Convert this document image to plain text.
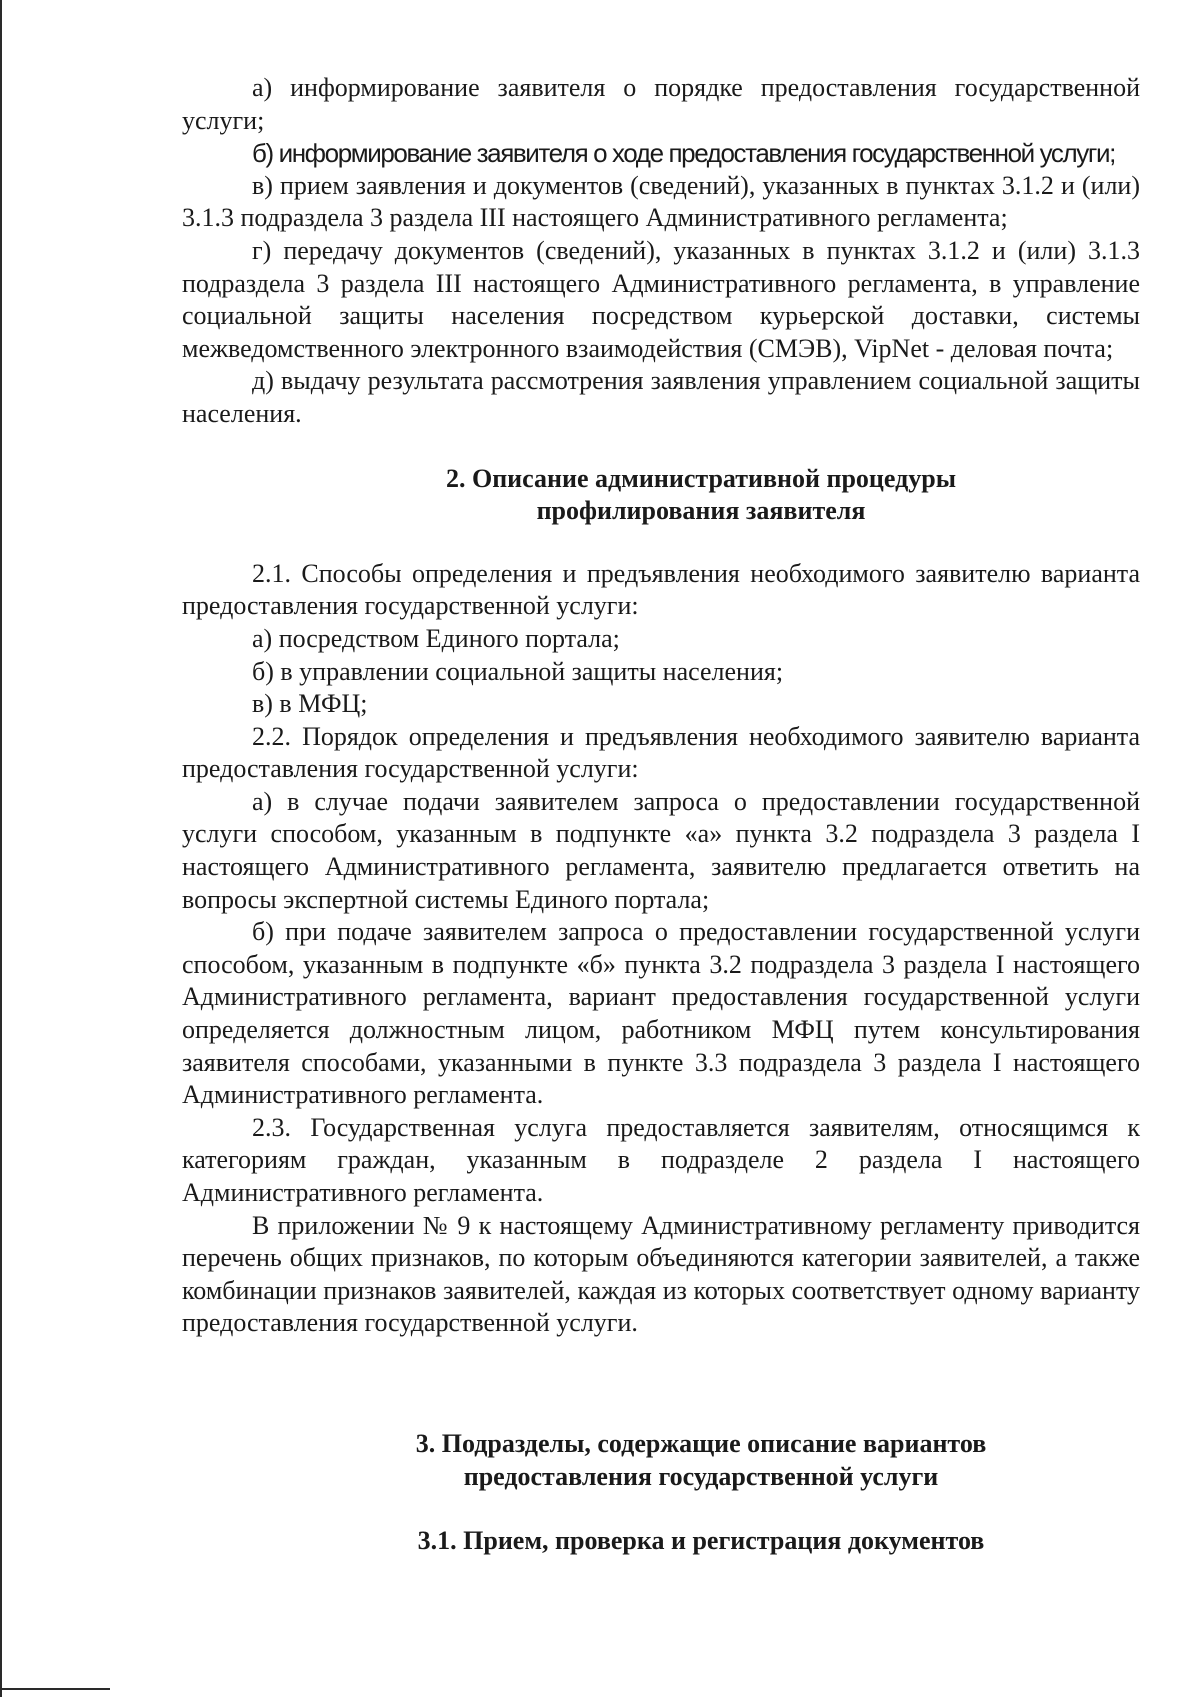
а) информирование заявителя о порядке предоставления государственной услуги;

б) информирование заявителя о ходе предоставления государственной услуги;

в) прием заявления и документов (сведений), указанных в пунктах 3.1.2 и (или) 3.1.3 подраздела 3 раздела III настоящего Административного регламента;

г) передачу документов (сведений), указанных в пунктах 3.1.2 и (или) 3.1.3 подраздела 3 раздела III настоящего Административного регламента, в управление социальной защиты населения посредством курьерской доставки, системы межведомственного электронного взаимодействия (СМЭВ), VipNet - деловая почта;

д) выдачу результата рассмотрения заявления управлением социальной защиты населения.

2. Описание административной процедуры

профилирования заявителя

2.1. Способы определения и предъявления необходимого заявителю варианта предоставления государственной услуги:

а) посредством Единого портала;

б) в управлении социальной защиты населения;

в) в МФЦ;

2.2. Порядок определения и предъявления необходимого заявителю варианта предоставления государственной услуги:

а) в случае подачи заявителем запроса о предоставлении государственной услуги способом, указанным в подпункте «а» пункта 3.2 подраздела 3 раздела I настоящего Административного регламента, заявителю предлагается ответить на вопросы экспертной системы Единого портала;

б) при подаче заявителем запроса о предоставлении государственной услуги способом, указанным в подпункте «б» пункта 3.2 подраздела 3 раздела I настоящего Административного регламента, вариант предоставления государственной услуги определяется должностным лицом, работником МФЦ путем консультирования заявителя способами, указанными в пункте 3.3 подраздела 3 раздела I настоящего Административного регламента.

2.3. Государственная услуга предоставляется заявителям, относящимся к категориям граждан, указанным в подразделе 2 раздела I настоящего Административного регламента.

В приложении № 9 к настоящему Административному регламенту приводится перечень общих признаков, по которым объединяются категории заявителей, а также комбинации признаков заявителей, каждая из которых соответствует одному варианту предоставления государственной услуги.

3. Подразделы, содержащие описание вариантов

предоставления государственной услуги

3.1. Прием, проверка и регистрация документов
